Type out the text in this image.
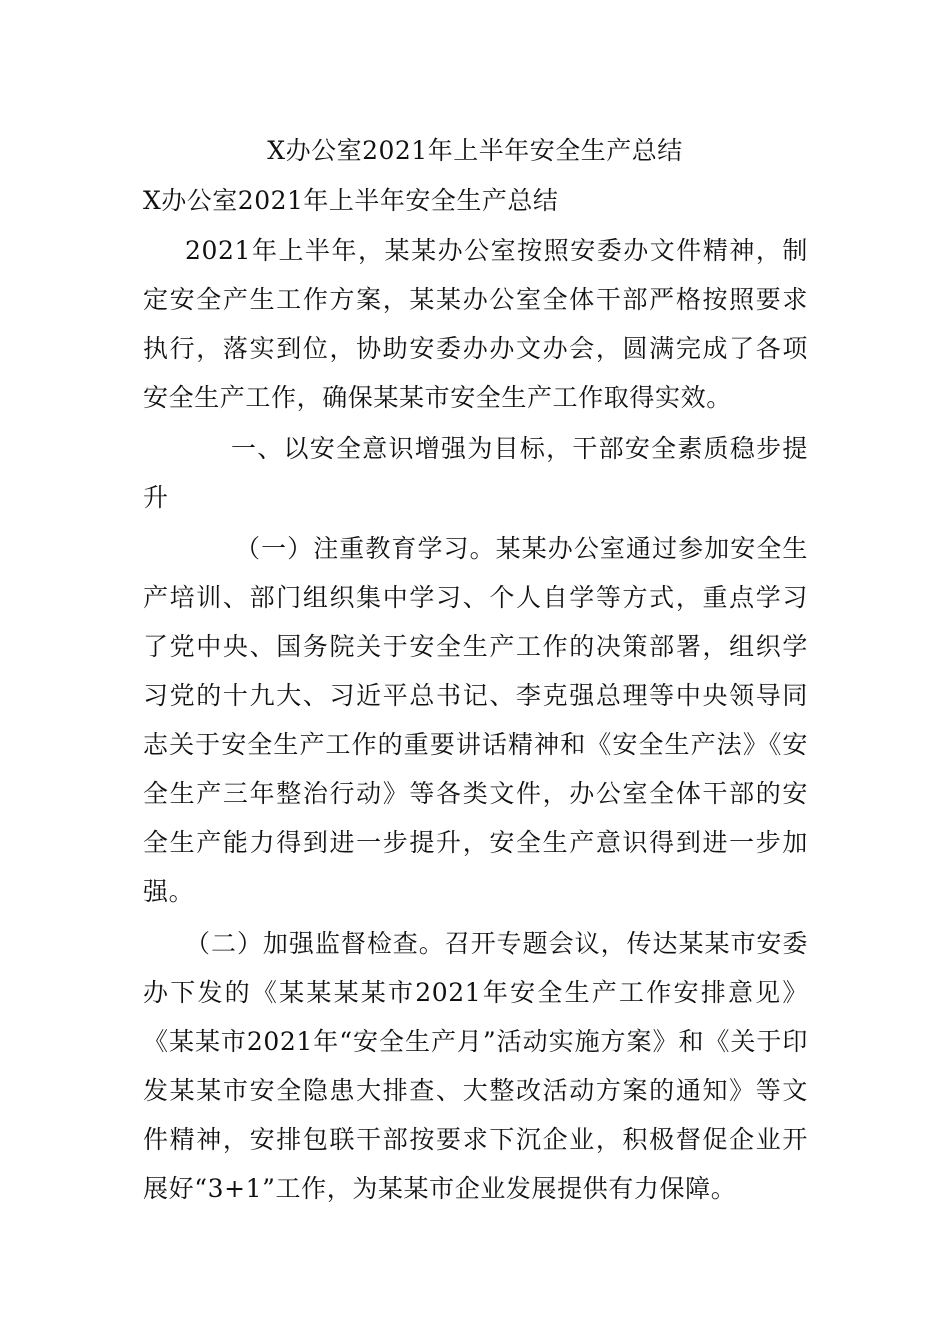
X办公室2021年上半年安全生产总结
X办公室2021年上半年安全生产总结

2021年上半年，某某办公室按照安委办文件精神，制定安全产生工作方案，某某办公室全体干部严格按照要求执行，落实到位，协助安委办办文办会，圆满完成了各项安全生产工作，确保某某市安全生产工作取得实效。

一、以安全意识增强为目标，干部安全素质稳步提升

（一）注重教育学习。某某办公室通过参加安全生产培训、部门组织集中学习、个人自学等方式，重点学习了党中央、国务院关于安全生产工作的决策部署，组织学习党的十九大、习近平总书记、李克强总理等中央领导同志关于安全生产工作的重要讲话精神和《安全生产法》《安全生产三年整治行动》等各类文件，办公室全体干部的安全生产能力得到进一步提升，安全生产意识得到进一步加强。

（二）加强监督检查。召开专题会议，传达某某市安委办下发的《某某某某市2021年安全生产工作安排意见》《某某市2021年“安全生产月”活动实施方案》和《关于印发某某市安全隐患大排查、大整改活动方案的通知》等文件精神，安排包联干部按要求下沉企业，积极督促企业开展好“3+1”工作，为某某市企业发展提供有力保障。
